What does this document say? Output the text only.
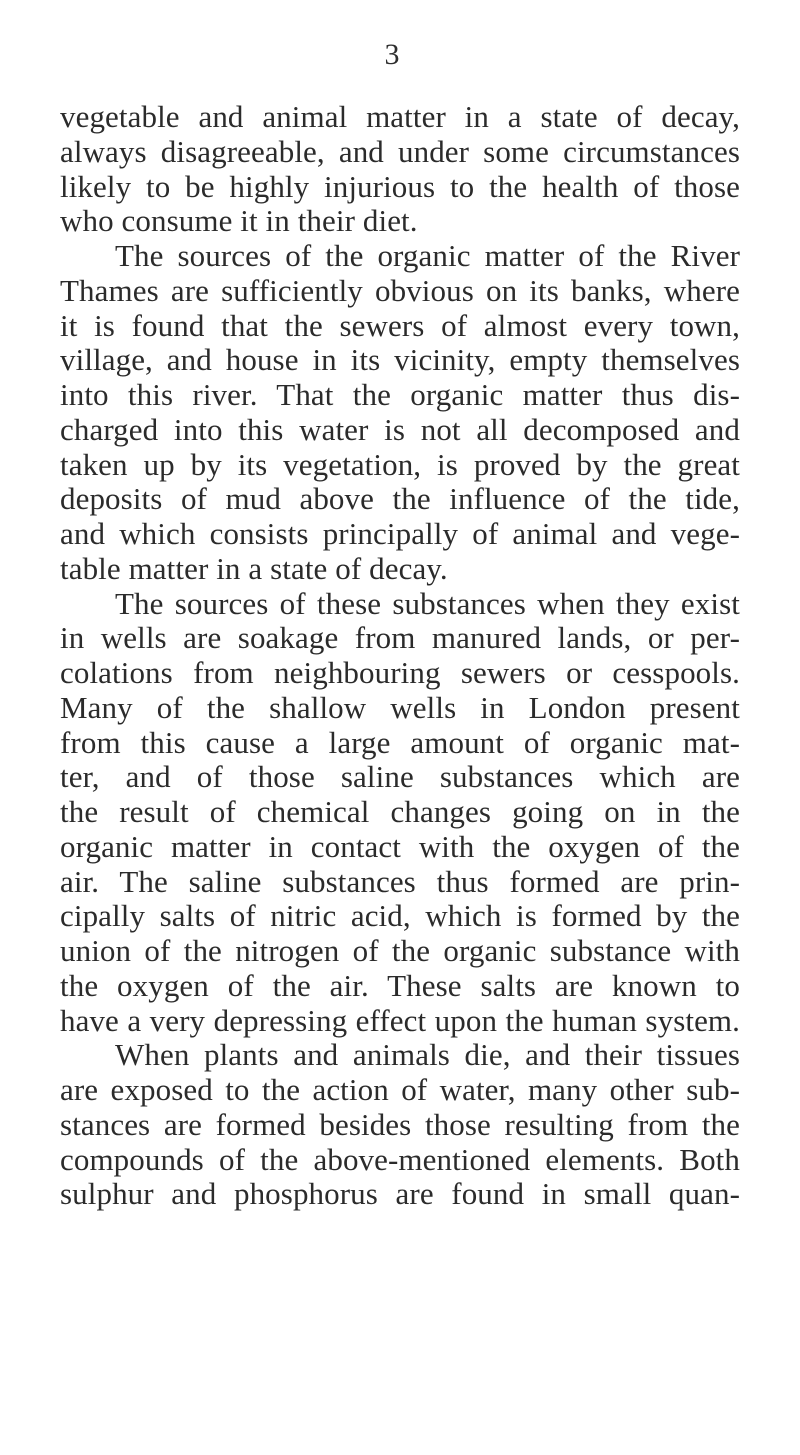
3
vegetable and animal matter in a state of decay,
always disagreeable, and under some circumstances
likely to be highly injurious to the health of those
who consume it in their diet.
The sources of the organic matter of the River
Thames are sufficiently obvious on its banks, where
it is found that the sewers of almost every town,
village, and house in its vicinity, empty themselves
into this river. That the organic matter thus dis-
charged into this water is not all decomposed and
taken up by its vegetation, is proved by the great
deposits of mud above the influence of the tide,
and which consists principally of animal and vege-
table matter in a state of decay.
The sources of these substances when they exist
in wells are soakage from manured lands, or per-
colations from neighbouring sewers or cesspools.
Many of the shallow wells in London present
from this cause a large amount of organic mat-
ter, and of those saline substances which are
the result of chemical changes going on in the
organic matter in contact with the oxygen of the
air. The saline substances thus formed are prin-
cipally salts of nitric acid, which is formed by the
union of the nitrogen of the organic substance with
the oxygen of the air. These salts are known to
have a very depressing effect upon the human system.
When plants and animals die, and their tissues
are exposed to the action of water, many other sub-
stances are formed besides those resulting from the
compounds of the above-mentioned elements. Both
sulphur and phosphorus are found in small quan-
